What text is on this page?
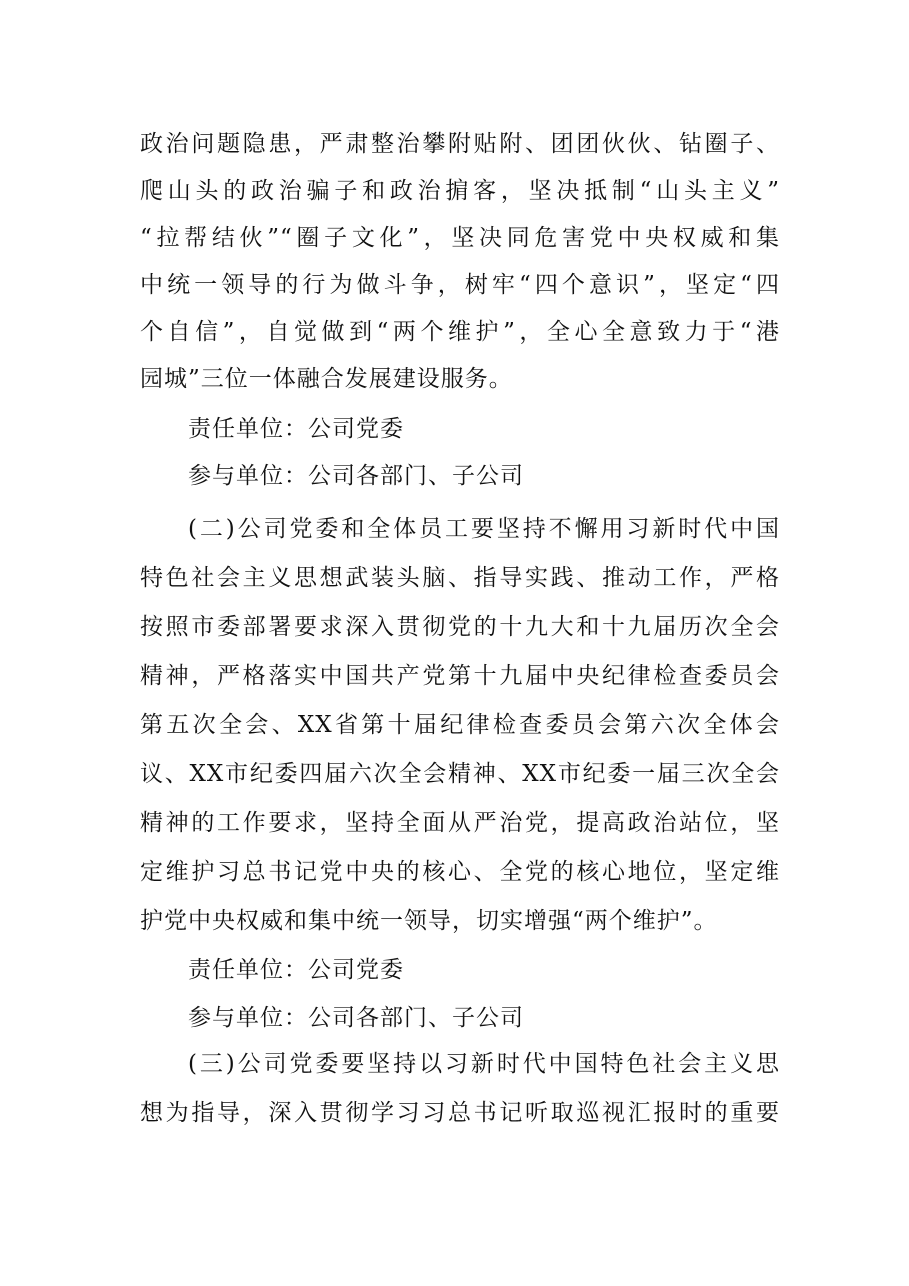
政治问题隐患，严肃整治攀附贴附、团团伙伙、钻圈子、
爬山头的政治骗子和政治掮客，坚决抵制“山头主义”
“拉帮结伙”“圈子文化”，坚决同危害党中央权威和集
中统一领导的行为做斗争，树牢“四个意识”，坚定“四
个自信”，自觉做到“两个维护”，全心全意致力于“港
园城”三位一体融合发展建设服务。
责任单位：公司党委
参与单位：公司各部门、子公司
(二)公司党委和全体员工要坚持不懈用习新时代中国
特色社会主义思想武装头脑、指导实践、推动工作，严格
按照市委部署要求深入贯彻党的十九大和十九届历次全会
精神，严格落实中国共产党第十九届中央纪律检查委员会
第五次全会、XX省第十届纪律检查委员会第六次全体会
议、XX市纪委四届六次全会精神、XX市纪委一届三次全会
精神的工作要求，坚持全面从严治党，提高政治站位，坚
定维护习总书记党中央的核心、全党的核心地位，坚定维
护党中央权威和集中统一领导，切实增强“两个维护”。
责任单位：公司党委
参与单位：公司各部门、子公司
(三)公司党委要坚持以习新时代中国特色社会主义思
想为指导，深入贯彻学习习总书记听取巡视汇报时的重要
